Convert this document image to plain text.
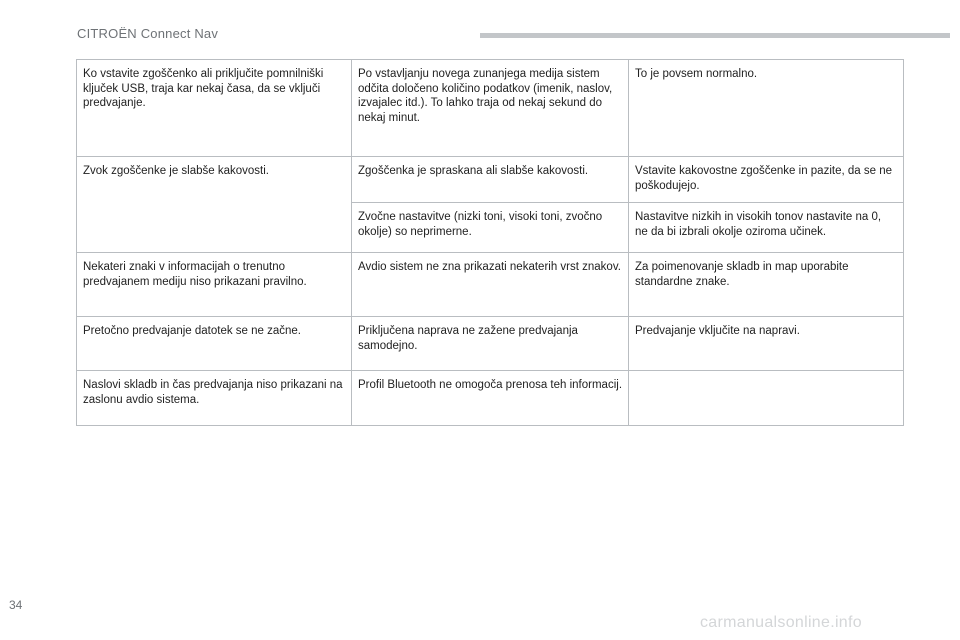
CITROËN Connect Nav
Ko vstavite zgoščenko ali priključite pomnilniški ključek USB, traja kar nekaj časa, da se vključi predvajanje.	Po vstavljanju novega zunanjega medija sistem odčita določeno količino podatkov (imenik, naslov, izvajalec itd.). To lahko traja od nekaj sekund do nekaj minut.	To je povsem normalno.
Zvok zgoščenke je slabše kakovosti.	Zgoščenka je spraskana ali slabše kakovosti.	Vstavite kakovostne zgoščenke in pazite, da se ne poškodujejo.
	Zvočne nastavitve (nizki toni, visoki toni, zvočno okolje) so neprimerne.	Nastavitve nizkih in visokih tonov nastavite na 0, ne da bi izbrali okolje oziroma učinek.
Nekateri znaki v informacijah o trenutno predvajanem mediju niso prikazani pravilno.	Avdio sistem ne zna prikazati nekaterih vrst znakov.	Za poimenovanje skladb in map uporabite standardne znake.
Pretočno predvajanje datotek se ne začne.	Priključena naprava ne zažene predvajanja samodejno.	Predvajanje vključite na napravi.
Naslovi skladb in čas predvajanja niso prikazani na zaslonu avdio sistema.	Profil Bluetooth ne omogoča prenosa teh informacij.	
34
carmanualsonline.info
